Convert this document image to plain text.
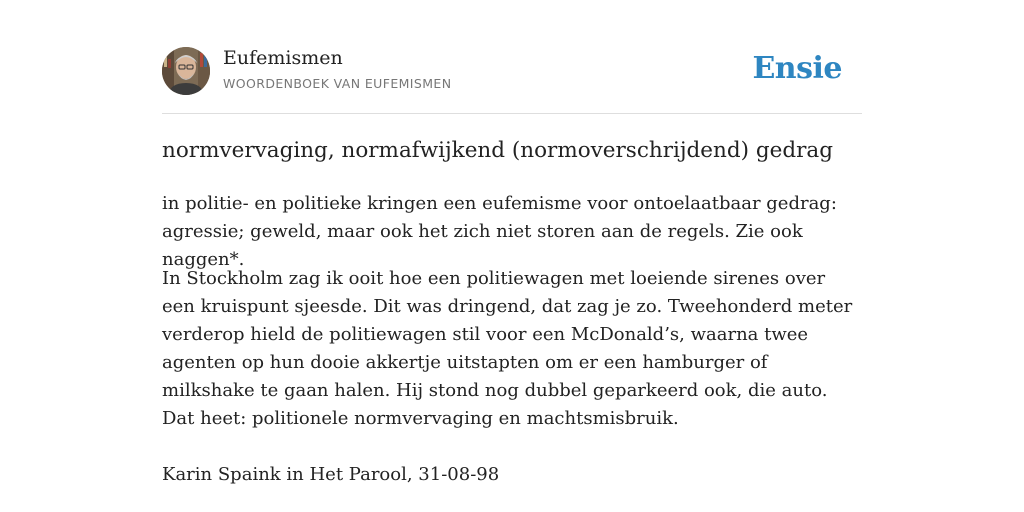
Eufemismen
WOORDENBOEK VAN EUFEMISMEN	Ensie
normvervaging, normafwijkend (normoverschrijdend) gedrag

in politie- en politieke kringen een eufemisme voor ontoelaatbaar gedrag: agressie; geweld, maar ook het zich niet storen aan de regels. Zie ook naggen*.

In Stockholm zag ik ooit hoe een politiewagen met loeiende sirenes over een kruispunt sjeesde. Dit was dringend, dat zag je zo. Tweehonderd meter verderop hield de politiewagen stil voor een McDonald’s, waarna twee agenten op hun dooie akkertje uitstapten om er een hamburger of milkshake te gaan halen. Hij stond nog dubbel geparkeerd ook, die auto. Dat heet: politionele normvervaging en machtsmisbruik.

Karin Spaink in Het Parool, 31-08-98
